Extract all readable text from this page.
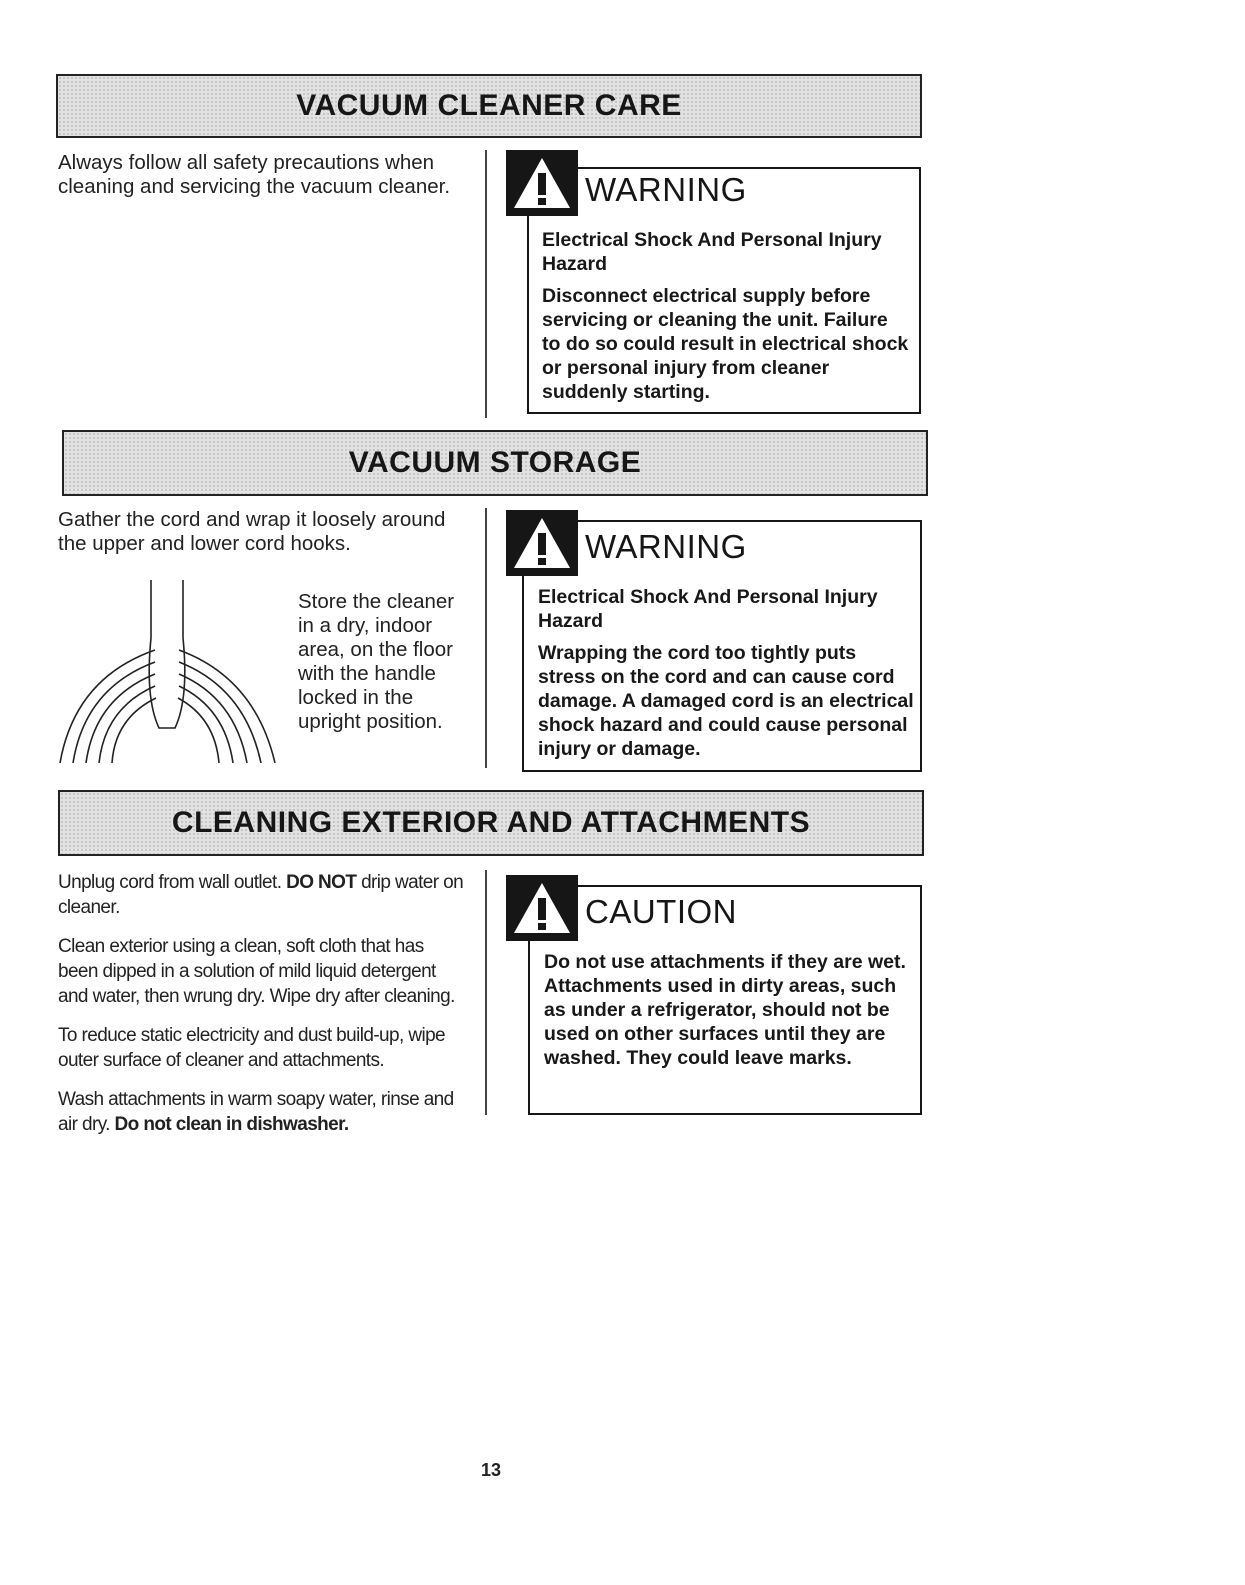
VACUUM CLEANER CARE

Always follow all safety precautions when cleaning and servicing the vacuum cleaner.	WARNING

Electrical Shock And Personal Injury Hazard

Disconnect electrical supply before servicing or cleaning the unit. Failure to do so could result in electrical shock or personal injury from cleaner suddenly starting.

VACUUM STORAGE

Gather the cord and wrap it loosely around the upper and lower cord hooks.

Store the cleaner in a dry, indoor area, on the floor with the handle locked in the upright position.

WARNING

Electrical Shock And Personal Injury Hazard

Wrapping the cord too tightly puts stress on the cord and can cause cord damage. A damaged cord is an electrical shock hazard and could cause personal injury or damage.

CLEANING EXTERIOR AND ATTACHMENTS

Unplug cord from wall outlet. DO NOT drip water on cleaner.

Clean exterior using a clean, soft cloth that has been dipped in a solution of mild liquid detergent and water, then wrung dry. Wipe dry after cleaning.

To reduce static electricity and dust build-up, wipe outer surface of cleaner and attachments.

Wash attachments in warm soapy water, rinse and air dry. Do not clean in dishwasher.

CAUTION

Do not use attachments if they are wet. Attachments used in dirty areas, such as under a refrigerator, should not be used on other surfaces until they are washed. They could leave marks.

13
